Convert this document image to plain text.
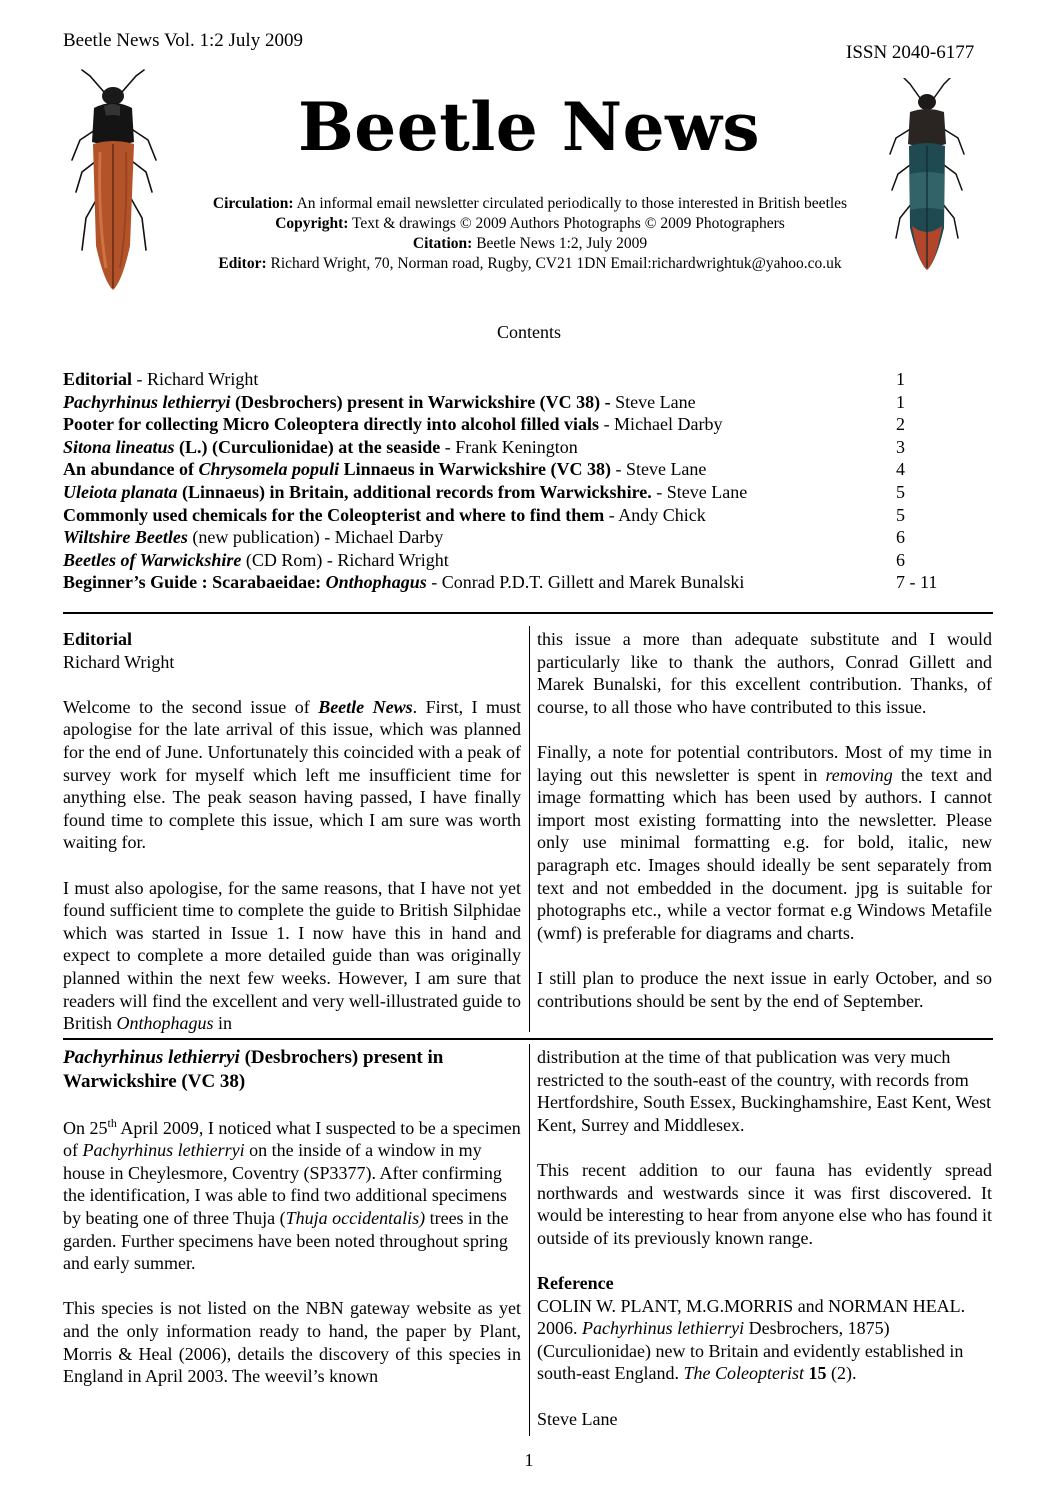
Beetle News Vol. 1:2 July 2009
ISSN 2040-6177
Beetle News
Circulation: An informal email newsletter circulated periodically to those interested in British beetles
Copyright: Text & drawings © 2009 Authors Photographs © 2009 Photographers
Citation: Beetle News 1:2, July 2009
Editor: Richard Wright, 70, Norman road, Rugby, CV21 1DN Email:richardwrightuk@yahoo.co.uk
Contents
Editorial - Richard Wright	1
Pachyrhinus lethierryi (Desbrochers) present in Warwickshire (VC 38) - Steve Lane	1
Pooter for collecting Micro Coleoptera directly into alcohol filled vials - Michael Darby	2
Sitona lineatus (L.) (Curculionidae) at the seaside - Frank Kenington	3
An abundance of Chrysomela populi Linnaeus in Warwickshire (VC 38) - Steve Lane	4
Uleiota planata (Linnaeus) in Britain, additional records from Warwickshire. - Steve Lane	5
Commonly used chemicals for the Coleopterist and where to find them - Andy Chick	5
Wiltshire Beetles (new publication) - Michael Darby	6
Beetles of Warwickshire (CD Rom) - Richard Wright	6
Beginner’s Guide : Scarabaeidae: Onthophagus - Conrad P.D.T. Gillett and Marek Bunalski	7 - 11

Editorial

Richard Wright

Welcome to the second issue of Beetle News. First, I must apologise for the late arrival of this issue, which was planned for the end of June. Unfortunately this coincided with a peak of survey work for myself which left me insufficient time for anything else. The peak season having passed, I have finally found time to complete this issue, which I am sure was worth waiting for.

I must also apologise, for the same reasons, that I have not yet found sufficient time to complete the guide to British Silphidae which was started in Issue 1. I now have this in hand and expect to complete a more detailed guide than was originally planned within the next few weeks. However, I am sure that readers will find the excellent and very well-illustrated guide to British Onthophagus in

this issue a more than adequate substitute and I would particularly like to thank the authors, Conrad Gillett and Marek Bunalski, for this excellent contribution. Thanks, of course, to all those who have contributed to this issue.

Finally, a note for potential contributors. Most of my time in laying out this newsletter is spent in removing the text and image formatting which has been used by authors. I cannot import most existing formatting into the newsletter. Please only use minimal formatting e.g. for bold, italic, new paragraph etc. Images should ideally be sent separately from text and not embedded in the document. jpg is suitable for photographs etc., while a vector format e.g Windows Metafile (wmf) is preferable for diagrams and charts.

I still plan to produce the next issue in early October, and so contributions should be sent by the end of September.

Pachyrhinus lethierryi (Desbrochers) present in Warwickshire (VC 38)

On 25th April 2009, I noticed what I suspected to be a specimen of Pachyrhinus lethierryi on the inside of a window in my house in Cheylesmore, Coventry (SP3377). After confirming the identification, I was able to find two additional specimens by beating one of three Thuja (Thuja occidentalis) trees in the garden. Further specimens have been noted throughout spring and early summer.

This species is not listed on the NBN gateway website as yet and the only information ready to hand, the paper by Plant, Morris & Heal (2006), details the discovery of this species in England in April 2003. The weevil’s known

distribution at the time of that publication was very much restricted to the south-east of the country, with records from Hertfordshire, South Essex, Buckinghamshire, East Kent, West Kent, Surrey and Middlesex.

This recent addition to our fauna has evidently spread northwards and westwards since it was first discovered. It would be interesting to hear from anyone else who has found it outside of its previously known range.

Reference

COLIN W. PLANT, M.G.MORRIS and NORMAN HEAL. 2006. Pachyrhinus lethierryi Desbrochers, 1875) (Curculionidae) new to Britain and evidently established in south-east England. The Coleopterist 15 (2).

Steve Lane

1
